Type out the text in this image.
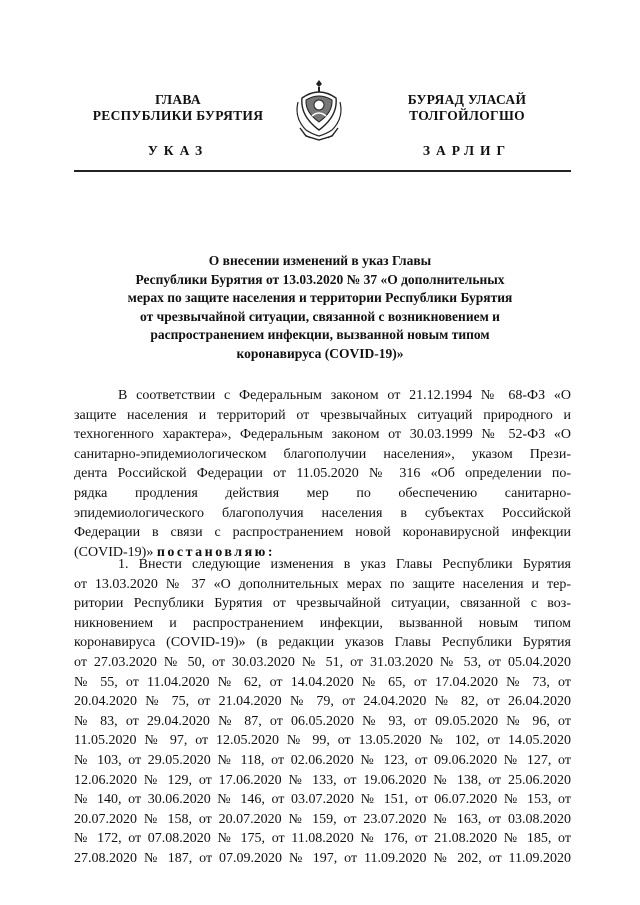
ГЛАВА
РЕСПУБЛИКИ БУРЯТИЯ
БУРЯАД УЛАСАЙ
ТОЛГОЙЛОГШО
УКАЗ	ЗАРЛИГ
О внесении изменений в указ Главы
Республики Бурятия от 13.03.2020 № 37 «О дополнительных
мерах по защите населения и территории Республики Бурятия
от чрезвычайной ситуации, связанной с возникновением и
распространением инфекции, вызванной новым типом
коронавируса (COVID-19)»
В соответствии с Федеральным законом от 21.12.1994 № 68-ФЗ «О
защите населения и территорий от чрезвычайных ситуаций природного и
техногенного характера», Федеральным законом от 30.03.1999 № 52-ФЗ «О
санитарно-эпидемиологическом благополучии населения», указом Прези-
дента Российской Федерации от 11.05.2020 № 316 «Об определении по-
рядка продления действия мер по обеспечению санитарно-
эпидемиологического благополучия населения в субъектах Российской
Федерации в связи с распространением новой коронавирусной инфекции
(COVID-19)» постановляю:
1. Внести следующие изменения в указ Главы Республики Бурятия
от 13.03.2020 № 37 «О дополнительных мерах по защите населения и тер-
ритории Республики Бурятия от чрезвычайной ситуации, связанной с воз-
никновением и распространением инфекции, вызванной новым типом
коронавируса (COVID-19)» (в редакции указов Главы Республики Бурятия
от 27.03.2020 № 50, от 30.03.2020 № 51, от 31.03.2020 № 53, от 05.04.2020
№ 55, от 11.04.2020 № 62, от 14.04.2020 № 65, от 17.04.2020 № 73, от
20.04.2020 № 75, от 21.04.2020 № 79, от 24.04.2020 № 82, от 26.04.2020
№ 83, от 29.04.2020 № 87, от 06.05.2020 № 93, от 09.05.2020 № 96, от
11.05.2020 № 97, от 12.05.2020 № 99, от 13.05.2020 № 102, от 14.05.2020
№ 103, от 29.05.2020 № 118, от 02.06.2020 № 123, от 09.06.2020 № 127, от
12.06.2020 № 129, от 17.06.2020 № 133, от 19.06.2020 № 138, от 25.06.2020
№ 140, от 30.06.2020 № 146, от 03.07.2020 № 151, от 06.07.2020 № 153, от
20.07.2020 № 158, от 20.07.2020 № 159, от 23.07.2020 № 163, от 03.08.2020
№ 172, от 07.08.2020 № 175, от 11.08.2020 № 176, от 21.08.2020 № 185, от
27.08.2020 № 187, от 07.09.2020 № 197, от 11.09.2020 № 202, от 11.09.2020
